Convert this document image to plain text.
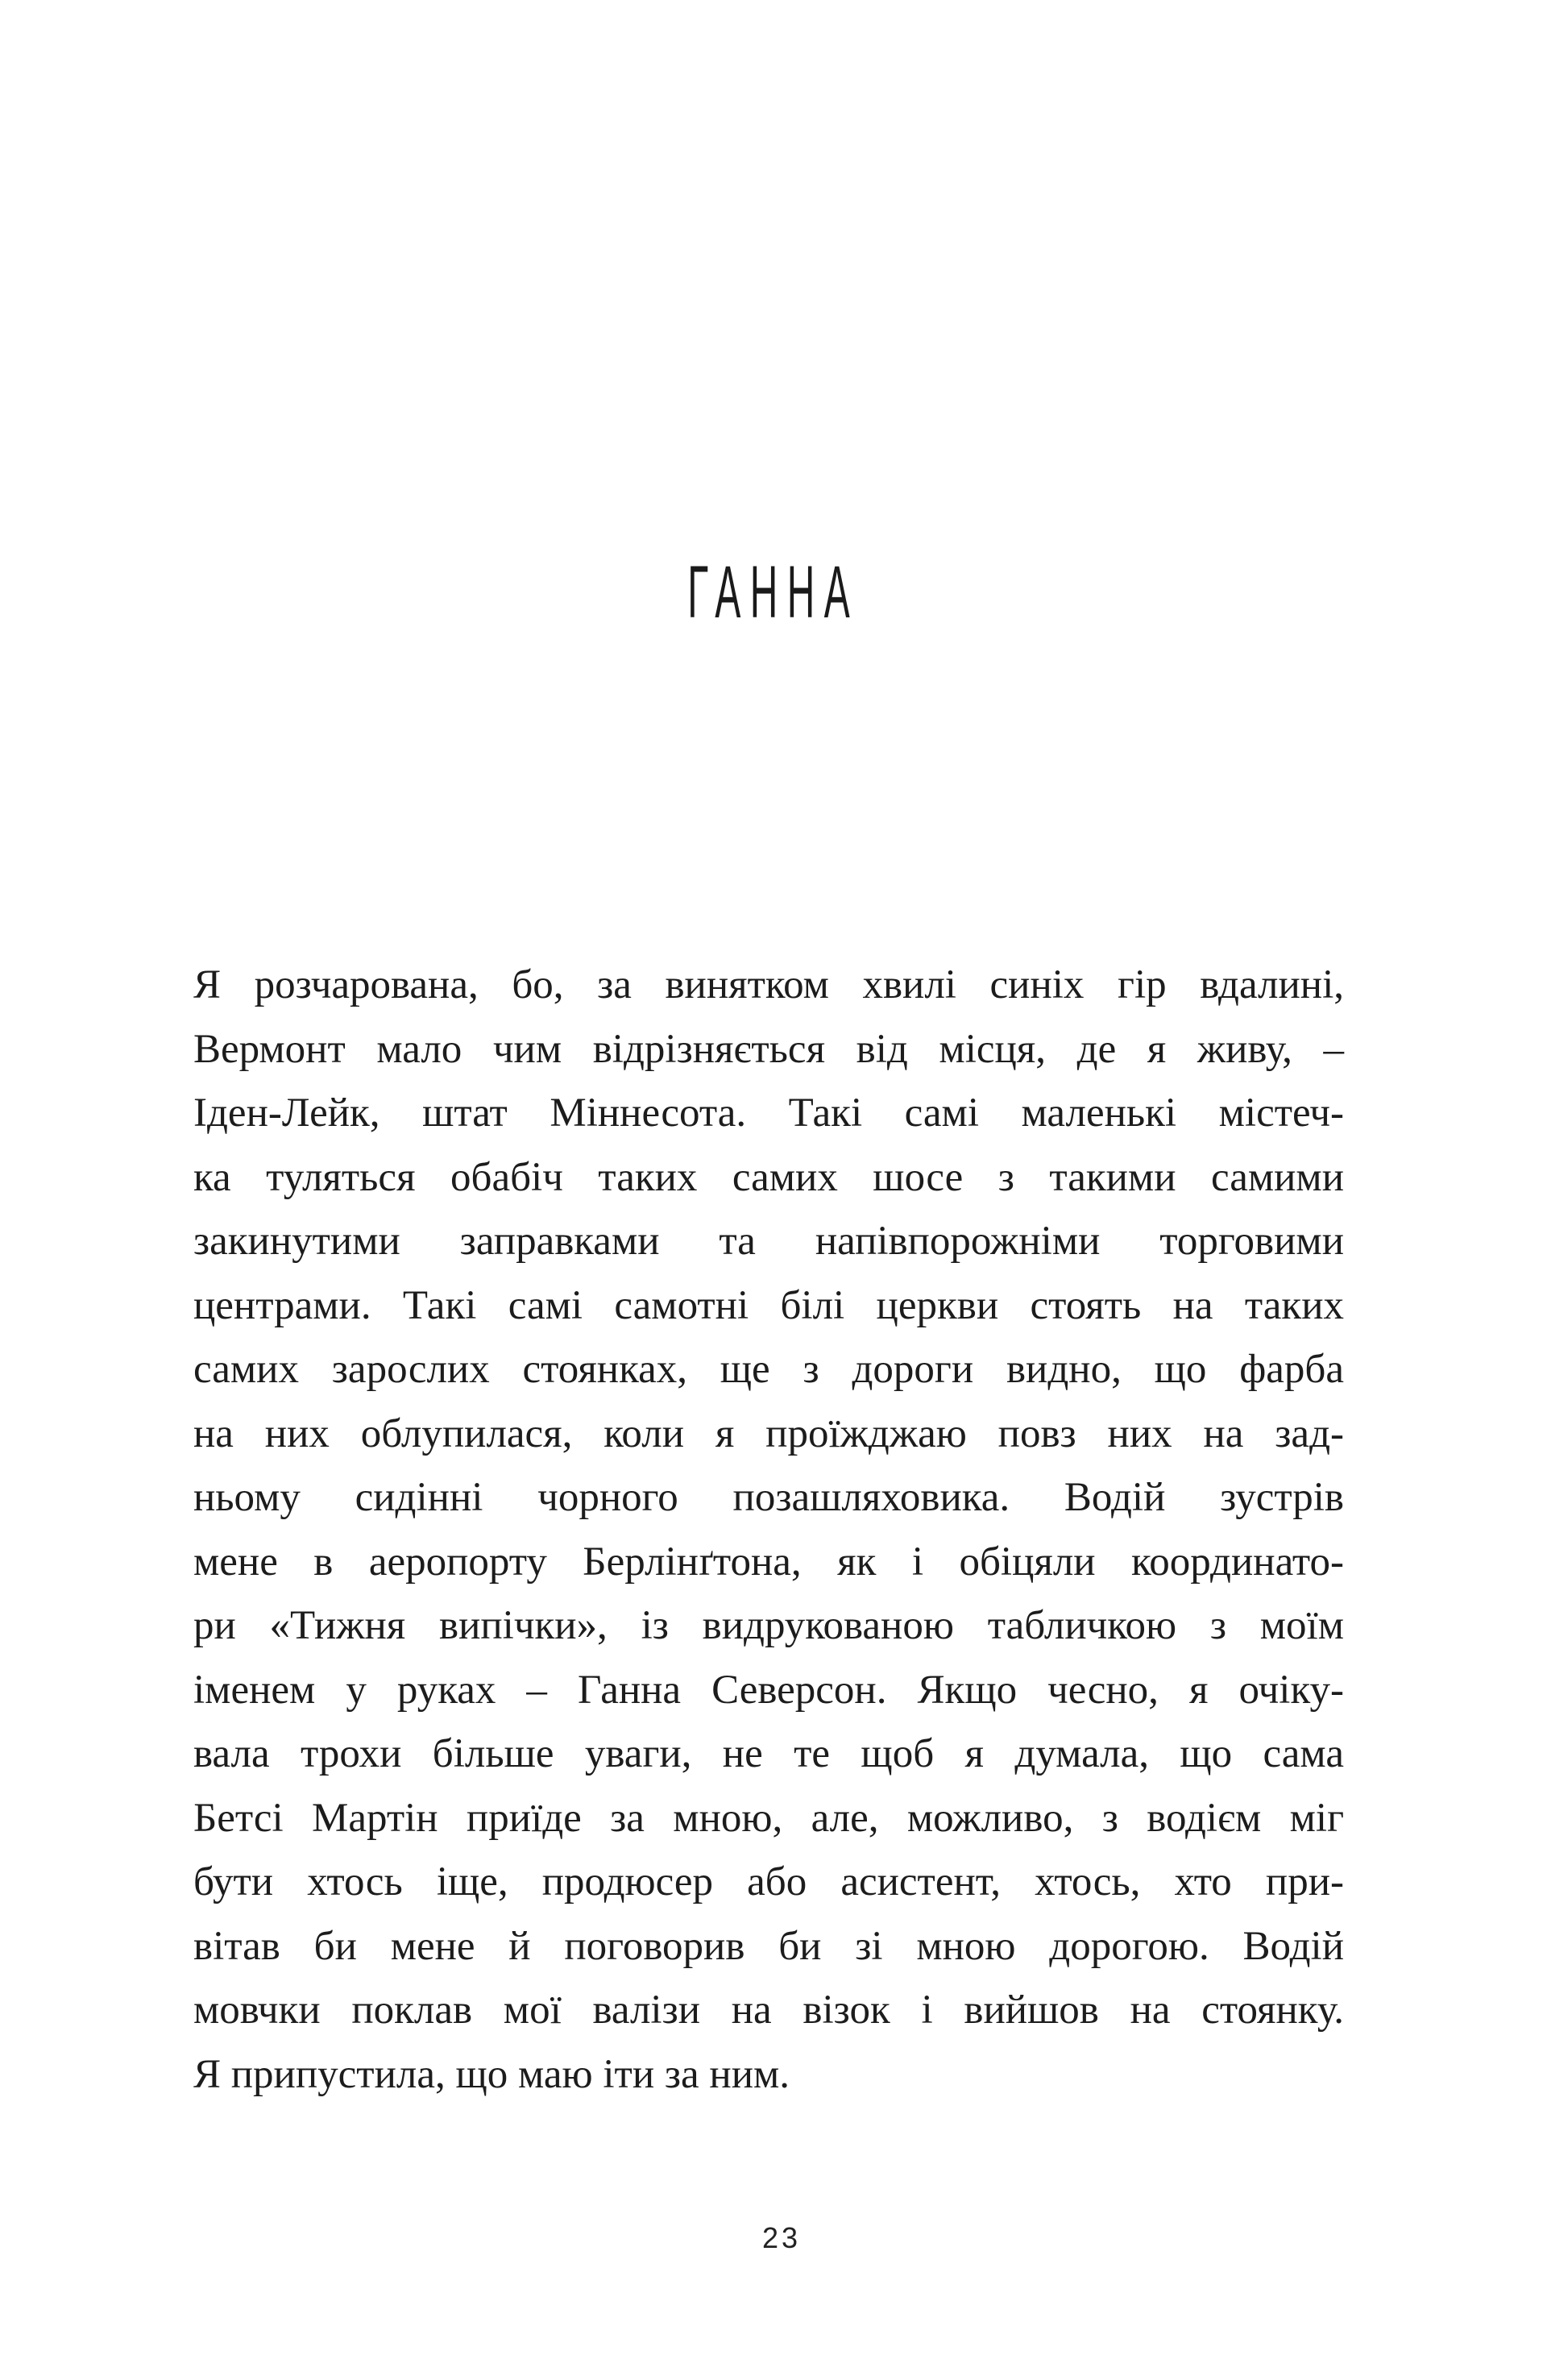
ГАННА
Я розчарована, бо, за винятком хвилі синіх гір вдалині,
Вермонт мало чим відрізняється від місця, де я живу, –
Іден-Лейк, штат Міннесота. Такі самі маленькі містеч-
ка туляться обабіч таких самих шосе з такими самими
закинутими заправками та напівпорожніми торговими
центрами. Такі самі самотні білі церкви стоять на таких
самих зарослих стоянках, ще з дороги видно, що фарба
на них облупилася, коли я проїжджаю повз них на зад-
ньому сидінні чорного позашляховика. Водій зустрів
мене в аеропорту Берлінґтона, як і обіцяли координато-
ри «Тижня випічки», із видрукованою табличкою з моїм
іменем у руках – Ганна Северсон. Якщо чесно, я очіку-
вала трохи більше уваги, не те щоб я думала, що сама
Бетсі Мартін приїде за мною, але, можливо, з водієм міг
бути хтось іще, продюсер або асистент, хтось, хто при-
вітав би мене й поговорив би зі мною дорогою. Водій
мовчки поклав мої валізи на візок і вийшов на стоянку.
Я припустила, що маю іти за ним.
23
